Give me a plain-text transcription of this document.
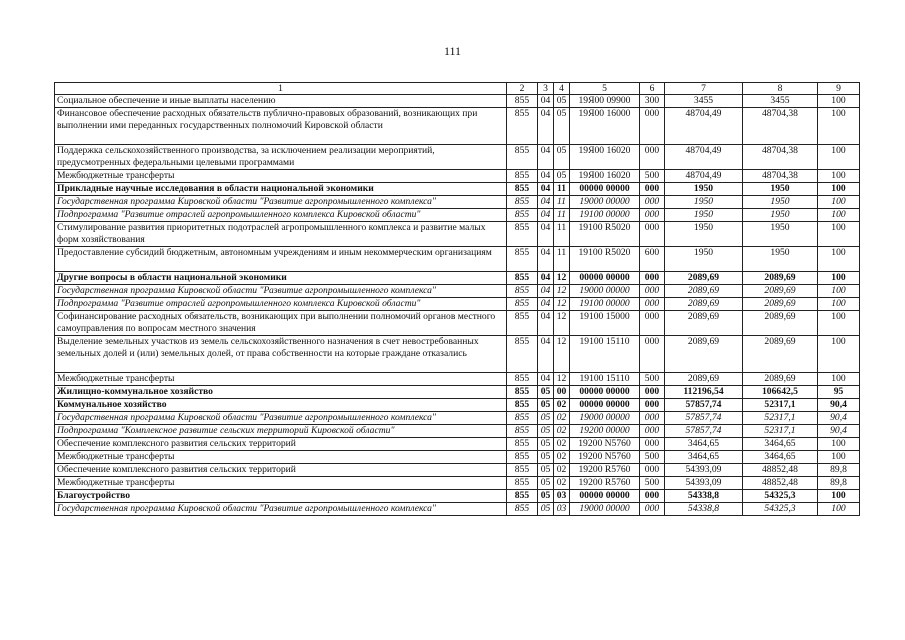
111
1	2	3	4	5	6	7	8	9
Социальное обеспечение и иные выплаты населению	855	04	05	19Я00 09900	300	3455	3455	100
Финансовое обеспечение расходных обязательств публично-правовых образований, возникающих при выполнении ими переданных государственных полномочий Кировской области	855	04	05	19Я00 16000	000	48704,49	48704,38	100
Поддержка сельскохозяйственного производства, за исключением реализации мероприятий, предусмотренных федеральными целевыми программами	855	04	05	19Я00 16020	000	48704,49	48704,38	100
Межбюджетные трансферты	855	04	05	19Я00 16020	500	48704,49	48704,38	100
Прикладные научные исследования в области национальной экономики	855	04	11	00000 00000	000	1950	1950	100
Государственная программа Кировской области "Развитие агропромышленного комплекса"	855	04	11	19000 00000	000	1950	1950	100
Подпрограмма "Развитие отраслей агропромышленного комплекса Кировской области"	855	04	11	19100 00000	000	1950	1950	100
Стимулирование развития приоритетных подотраслей агропромышленного комплекса и развитие малых форм хозяйствования	855	04	11	19100 R5020	000	1950	1950	100
Предоставление субсидий бюджетным, автономным учреждениям и иным некоммерческим организациям	855	04	11	19100 R5020	600	1950	1950	100
Другие вопросы в области национальной экономики	855	04	12	00000 00000	000	2089,69	2089,69	100
Государственная программа Кировской области "Развитие агропромышленного комплекса"	855	04	12	19000 00000	000	2089,69	2089,69	100
Подпрограмма "Развитие отраслей агропромышленного комплекса Кировской области"	855	04	12	19100 00000	000	2089,69	2089,69	100
Софинансирование расходных обязательств, возникающих при выполнении полномочий органов местного самоуправления по вопросам местного значения	855	04	12	19100 15000	000	2089,69	2089,69	100
Выделение земельных участков из земель сельскохозяйственного назначения в счет невостребованных земельных долей и (или) земельных долей, от права собственности на которые граждане отказались	855	04	12	19100 15110	000	2089,69	2089,69	100
Межбюджетные трансферты	855	04	12	19100 15110	500	2089,69	2089,69	100
Жилищно-коммунальное хозяйство	855	05	00	00000 00000	000	112196,54	106642,5	95
Коммунальное хозяйство	855	05	02	00000 00000	000	57857,74	52317,1	90,4
Государственная программа Кировской области "Развитие агропромышленного комплекса"	855	05	02	19000 00000	000	57857,74	52317,1	90,4
Подпрограмма "Комплексное развитие сельских территорий Кировской области"	855	05	02	19200 00000	000	57857,74	52317,1	90,4
Обеспечение комплексного развития сельских территорий	855	05	02	19200 N5760	000	3464,65	3464,65	100
Межбюджетные трансферты	855	05	02	19200 N5760	500	3464,65	3464,65	100
Обеспечение комплексного развития сельских территорий	855	05	02	19200 R5760	000	54393,09	48852,48	89,8
Межбюджетные трансферты	855	05	02	19200 R5760	500	54393,09	48852,48	89,8
Благоустройство	855	05	03	00000 00000	000	54338,8	54325,3	100
Государственная программа Кировской области "Развитие агропромышленного комплекса"	855	05	03	19000 00000	000	54338,8	54325,3	100
